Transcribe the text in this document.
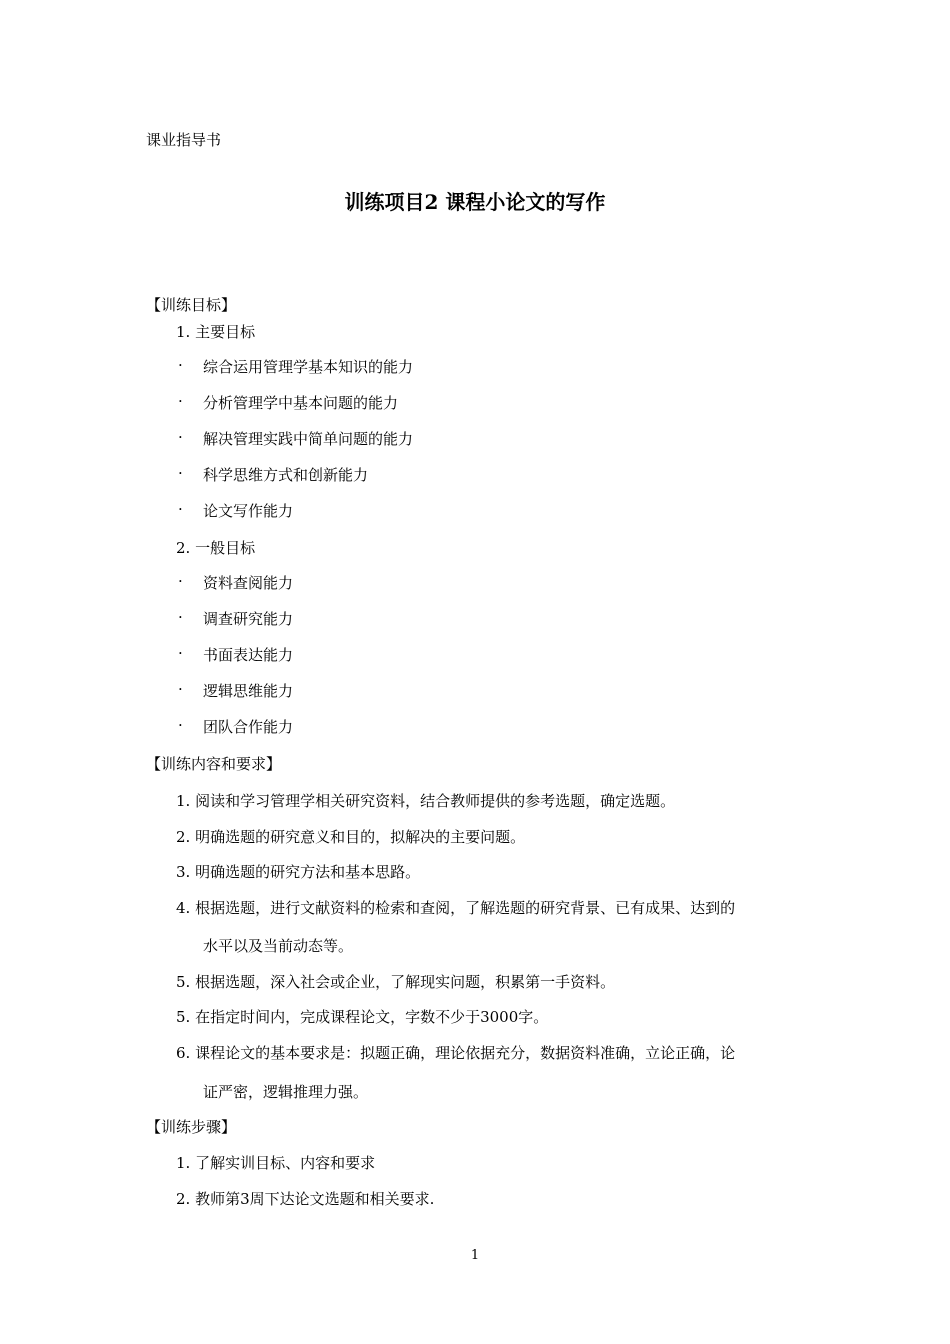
课业指导书
训练项目2 课程小论文的写作
【训练目标】
1. 主要目标
· 综合运用管理学基本知识的能力
· 分析管理学中基本问题的能力
· 解决管理实践中简单问题的能力
· 科学思维方式和创新能力
· 论文写作能力
2. 一般目标
· 资料查阅能力
· 调查研究能力
· 书面表达能力
· 逻辑思维能力
· 团队合作能力
【训练内容和要求】
1. 阅读和学习管理学相关研究资料，结合教师提供的参考选题，确定选题。
2. 明确选题的研究意义和目的，拟解决的主要问题。
3. 明确选题的研究方法和基本思路。
4. 根据选题，进行文献资料的检索和查阅，了解选题的研究背景、已有成果、达到的
水平以及当前动态等。
5. 根据选题，深入社会或企业，了解现实问题，积累第一手资料。
5. 在指定时间内，完成课程论文，字数不少于3000字。
6. 课程论文的基本要求是：拟题正确，理论依据充分，数据资料准确，立论正确，论
证严密，逻辑推理力强。
【训练步骤】
1. 了解实训目标、内容和要求
2. 教师第3周下达论文选题和相关要求.
1
